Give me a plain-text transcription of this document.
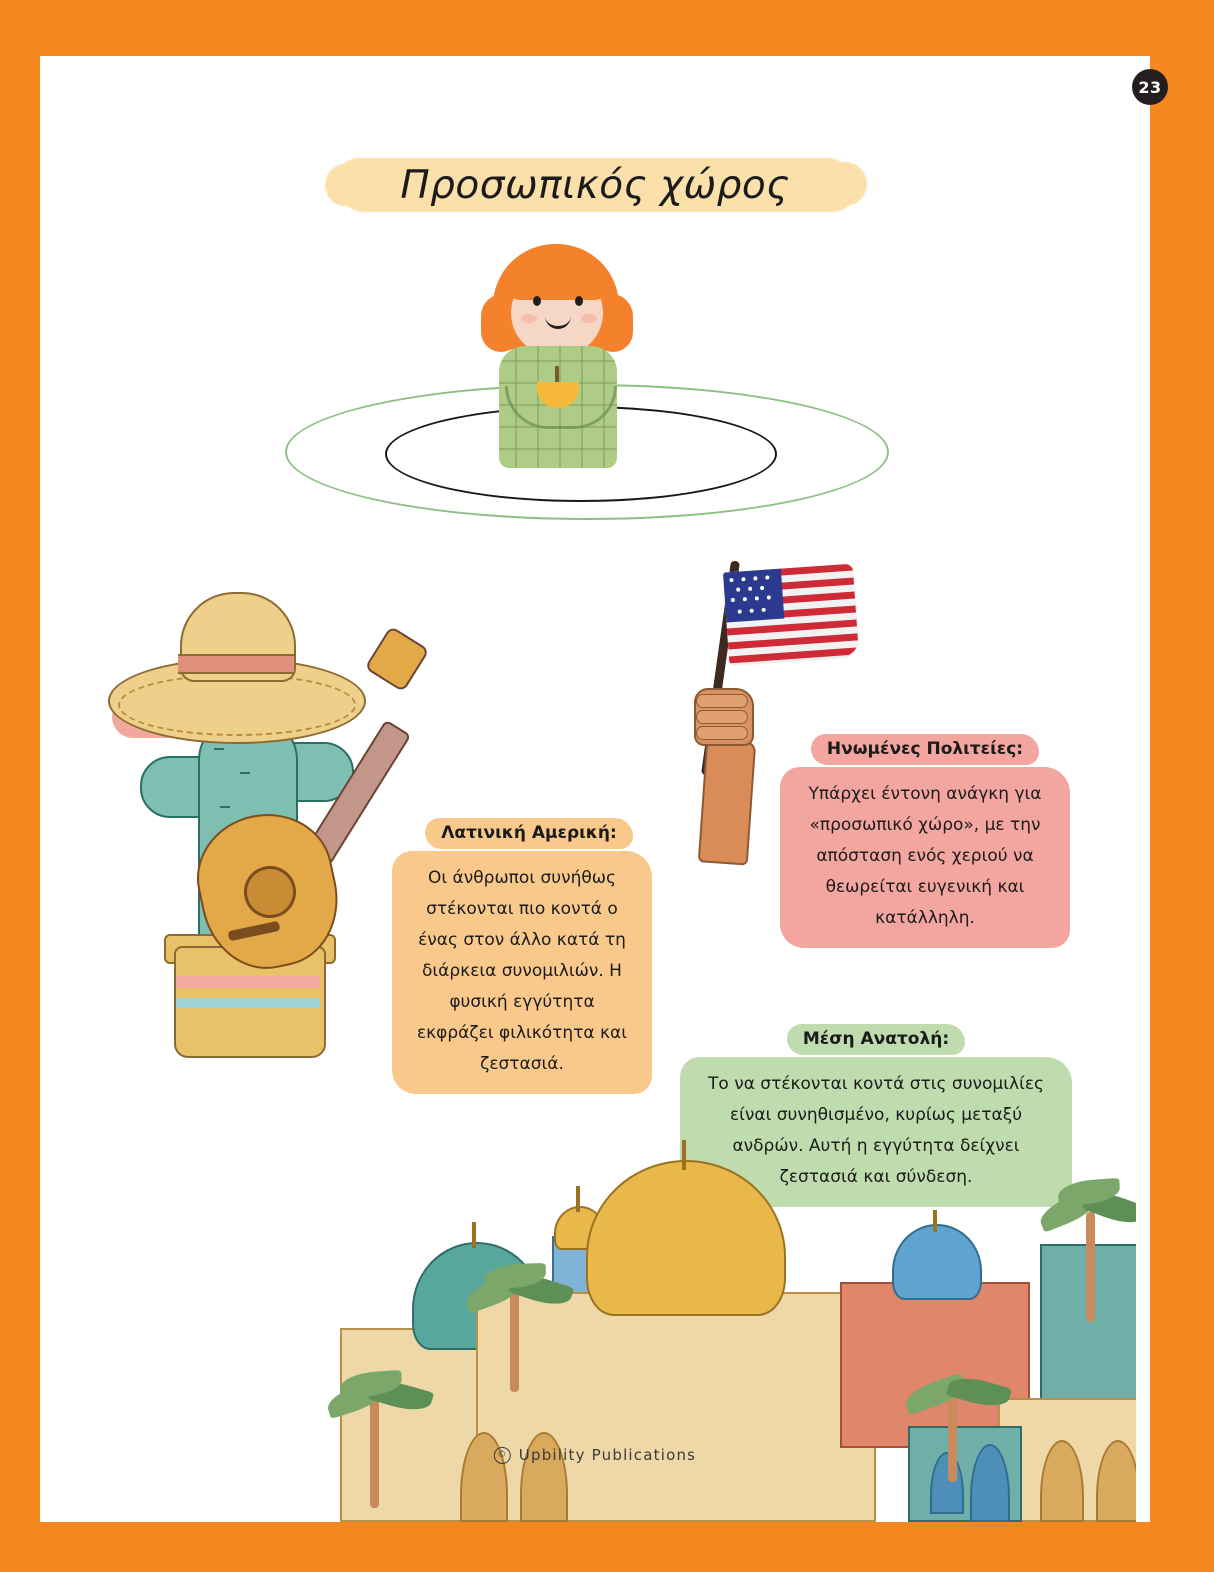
Προσωπικός χώρος
Λατινική Αμερική:
Οι άνθρωποι συνήθως στέκονται πιο κοντά ο ένας στον άλλο κατά τη διάρκεια συνομιλιών. Η φυσική εγγύτητα εκφράζει φιλικότητα και ζεστασιά.
Ηνωμένες Πολιτείες:
Υπάρχει έντονη ανάγκη για «προσωπικό χώρο», με την απόσταση ενός χεριού να θεωρείται ευγενική και κατάλληλη.
Μέση Ανατολή:
Το να στέκονται κοντά στις συνομιλίες είναι συνηθισμένο, κυρίως μεταξύ ανδρών. Αυτή η εγγύτητα δείχνει ζεστασιά και σύνδεση.
© Upbility Publications
23
